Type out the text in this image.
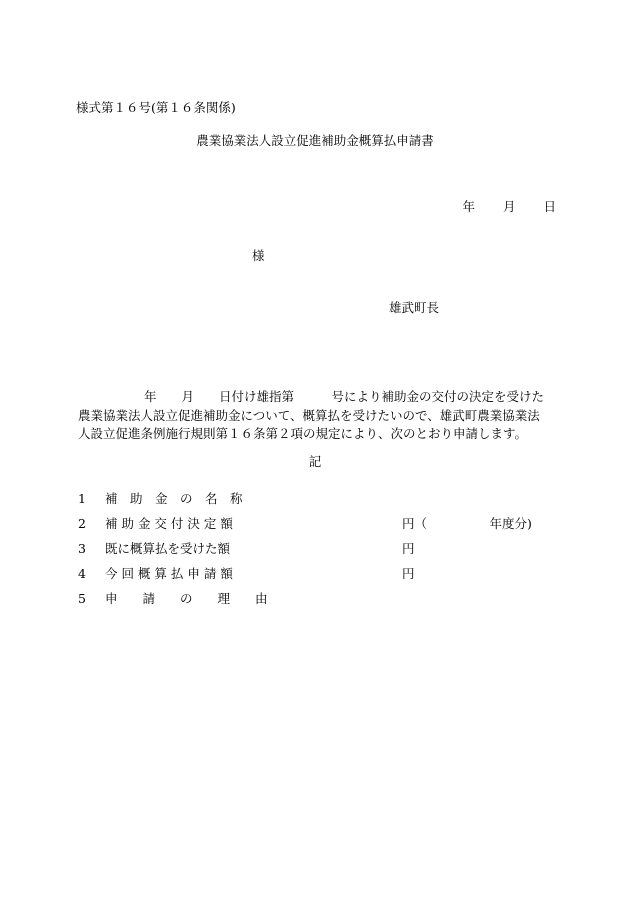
様式第１６号(第１６条関係)
農業協業法人設立促進補助金概算払申請書
年 月 日
様
雄武町長
年　　月　　日付け雄指第　　　号により補助金の交付の決定を受けた農業協業法人設立促進補助金について、概算払を受けたいので、雄武町農業協業法人設立促進条例施行規則第１６条第２項の規定により、次のとおり申請します。
記
1 補　助　金　の　名　称
2 補 助 金 交 付 決 定 額	円（　　　　　年度分)
3 既に概算払を受けた額	円
4 今 回 概 算 払 申 請 額	円
5 申　　請　　の　　理　　由
